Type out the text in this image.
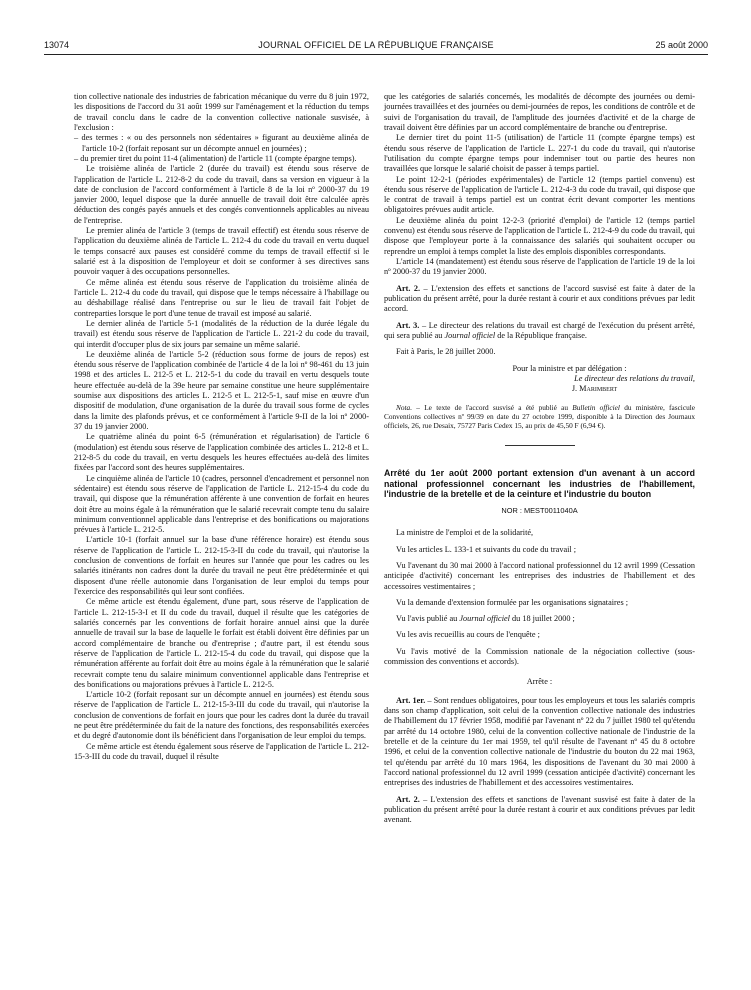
13074	JOURNAL OFFICIEL DE LA RÉPUBLIQUE FRANÇAISE	25 août 2000

tion collective nationale des industries de fabrication mécanique du verre du 8 juin 1972, les dispositions de l'accord du 31 août 1999 sur l'aménagement et la réduction du temps de travail conclu dans le cadre de la convention collective nationale susvisée, à l'exclusion :

– des termes : « ou des personnels non sédentaires » figurant au deuxième alinéa de l'article 10-2 (forfait reposant sur un décompte annuel en journées) ;

– du premier tiret du point 11-4 (alimentation) de l'article 11 (compte épargne temps).

Le troisième alinéa de l'article 2 (durée du travail) est étendu sous réserve de l'application de l'article L. 212-8-2 du code du travail, dans sa version en vigueur à la date de conclusion de l'accord conformément à l'article 8 de la loi nº 2000-37 du 19 janvier 2000, lequel dispose que la durée annuelle de travail doit être calculée après déduction des congés payés annuels et des congés conventionnels applicables au niveau de l'entreprise.

Le premier alinéa de l'article 3 (temps de travail effectif) est étendu sous réserve de l'application du deuxième alinéa de l'article L. 212-4 du code du travail en vertu duquel le temps consacré aux pauses est considéré comme du temps de travail effectif si le salarié est à la disposition de l'employeur et doit se conformer à ses directives sans pouvoir vaquer à des occupations personnelles.

Ce même alinéa est étendu sous réserve de l'application du troisième alinéa de l'article L. 212-4 du code du travail, qui dispose que le temps nécessaire à l'habillage ou au déshabillage réalisé dans l'entreprise ou sur le lieu de travail fait l'objet de contreparties lorsque le port d'une tenue de travail est imposé au salarié.

Le dernier alinéa de l'article 5-1 (modalités de la réduction de la durée légale du travail) est étendu sous réserve de l'application de l'article L. 221-2 du code du travail, qui interdit d'occuper plus de six jours par semaine un même salarié.

Le deuxième alinéa de l'article 5-2 (réduction sous forme de jours de repos) est étendu sous réserve de l'application combinée de l'article 4 de la loi nº 98-461 du 13 juin 1998 et des articles L. 212-5 et L. 212-5-1 du code du travail en vertu desquels toute heure effectuée au-delà de la 39e heure par semaine constitue une heure supplémentaire soumise aux dispositions des articles L. 212-5 et L. 212-5-1, sauf mise en œuvre d'un dispositif de modulation, d'une organisation de la durée du travail sous forme de cycles dans la limite des plafonds prévus, et ce conformément à l'article 9-II de la loi nº 2000-37 du 19 janvier 2000.

Le quatrième alinéa du point 6-5 (rémunération et régularisation) de l'article 6 (modulation) est étendu sous réserve de l'application combinée des articles L. 212-8 et L. 212-8-5 du code du travail, en vertu desquels les heures effectuées au-delà des limites fixées par l'accord sont des heures supplémentaires.

Le cinquième alinéa de l'article 10 (cadres, personnel d'encadrement et personnel non sédentaire) est étendu sous réserve de l'application de l'article L. 212-15-4 du code du travail, qui dispose que la rémunération afférente à une convention de forfait en heures doit être au moins égale à la rémunération que le salarié recevrait compte tenu du salaire minimum conventionnel applicable dans l'entreprise et des bonifications ou majorations prévues à l'article L. 212-5.

L'article 10-1 (forfait annuel sur la base d'une référence horaire) est étendu sous réserve de l'application de l'article L. 212-15-3-II du code du travail, qui n'autorise la conclusion de conventions de forfait en heures sur l'année que pour les cadres ou les salariés itinérants non cadres dont la durée du travail ne peut être prédéterminée et qui disposent d'une réelle autonomie dans l'organisation de leur emploi du temps pour l'exercice des responsabilités qui leur sont confiées.

Ce même article est étendu également, d'une part, sous réserve de l'application de l'article L. 212-15-3-I et II du code du travail, duquel il résulte que les catégories de salariés concernés par les conventions de forfait horaire annuel ainsi que la durée annuelle de travail sur la base de laquelle le forfait est établi doivent être définies par un accord complémentaire de branche ou d'entreprise ; d'autre part, il est étendu sous réserve de l'application de l'article L. 212-15-4 du code du travail, qui dispose que la rémunération afférente au forfait doit être au moins égale à la rémunération que le salarié recevrait compte tenu du salaire minimum conventionnel applicable dans l'entreprise et des bonifications ou majorations prévues à l'article L. 212-5.

L'article 10-2 (forfait reposant sur un décompte annuel en journées) est étendu sous réserve de l'application de l'article L. 212-15-3-III du code du travail, qui n'autorise la conclusion de conventions de forfait en jours que pour les cadres dont la durée du travail ne peut être prédéterminée du fait de la nature des fonctions, des responsabilités exercées et du degré d'autonomie dont ils bénéficient dans l'organisation de leur emploi du temps.

Ce même article est étendu également sous réserve de l'application de l'article L. 212-15-3-III du code du travail, duquel il résulte

que les catégories de salariés concernés, les modalités de décompte des journées ou demi-journées travaillées et des journées ou demi-journées de repos, les conditions de contrôle et de suivi de l'organisation du travail, de l'amplitude des journées d'activité et de la charge de travail doivent être définies par un accord complémentaire de branche ou d'entreprise.

Le dernier tiret du point 11-5 (utilisation) de l'article 11 (compte épargne temps) est étendu sous réserve de l'application de l'article L. 227-1 du code du travail, qui n'autorise l'utilisation du compte épargne temps pour indemniser tout ou partie des heures non travaillées que lorsque le salarié choisit de passer à temps partiel.

Le point 12-2-1 (périodes expérimentales) de l'article 12 (temps partiel convenu) est étendu sous réserve de l'application de l'article L. 212-4-3 du code du travail, qui dispose que le contrat de travail à temps partiel est un contrat écrit devant comporter les mentions obligatoires prévues audit article.

Le deuxième alinéa du point 12-2-3 (priorité d'emploi) de l'article 12 (temps partiel convenu) est étendu sous réserve de l'application de l'article L. 212-4-9 du code du travail, qui dispose que l'employeur porte à la connaissance des salariés qui souhaitent occuper ou reprendre un emploi à temps complet la liste des emplois disponibles correspondants.

L'article 14 (mandatement) est étendu sous réserve de l'application de l'article 19 de la loi nº 2000-37 du 19 janvier 2000.

Art. 2. – L'extension des effets et sanctions de l'accord susvisé est faite à dater de la publication du présent arrêté, pour la durée restant à courir et aux conditions prévues par ledit accord.

Art. 3. – Le directeur des relations du travail est chargé de l'exécution du présent arrêté, qui sera publié au Journal officiel de la République française.

Fait à Paris, le 28 juillet 2000.

Pour la ministre et par délégation :

Le directeur des relations du travail,

J. Marimbert

Nota. – Le texte de l'accord susvisé a été publié au Bulletin officiel du ministère, fascicule Conventions collectives nº 99/39 en date du 27 octobre 1999, disponible à la Direction des Journaux officiels, 26, rue Desaix, 75727 Paris Cedex 15, au prix de 45,50 F (6,94 €).

Arrêté du 1er août 2000 portant extension d'un avenant à un accord national professionnel concernant les industries de l'habillement, l'industrie de la bretelle et de la ceinture et l'industrie du bouton
NOR : MEST0011040A

La ministre de l'emploi et de la solidarité,

Vu les articles L. 133-1 et suivants du code du travail ;

Vu l'avenant du 30 mai 2000 à l'accord national professionnel du 12 avril 1999 (Cessation anticipée d'activité) concernant les entreprises des industries de l'habillement et des accessoires vestimentaires ;

Vu la demande d'extension formulée par les organisations signataires ;

Vu l'avis publié au Journal officiel du 18 juillet 2000 ;

Vu les avis recueillis au cours de l'enquête ;

Vu l'avis motivé de la Commission nationale de la négociation collective (sous-commission des conventions et accords).

Arrête :

Art. 1er. – Sont rendues obligatoires, pour tous les employeurs et tous les salariés compris dans son champ d'application, soit celui de la convention collective nationale des industries de l'habillement du 17 février 1958, modifié par l'avenant nº 22 du 7 juillet 1980 tel qu'étendu par arrêté du 14 octobre 1980, celui de la convention collective nationale de l'industrie de la bretelle et de la ceinture du 1er mai 1959, tel qu'il résulte de l'avenant nº 45 du 8 octobre 1996, et celui de la convention collective nationale de l'industrie du bouton du 22 mai 1963, tel qu'étendu par arrêté du 10 mars 1964, les dispositions de l'avenant du 30 mai 2000 à l'accord national professionnel du 12 avril 1999 (cessation anticipée d'activité) concernant les entreprises des industries de l'habillement et des accessoires vestimentaires.

Art. 2. – L'extension des effets et sanctions de l'avenant susvisé est faite à dater de la publication du présent arrêté pour la durée restant à courir et aux conditions prévues par ledit avenant.
